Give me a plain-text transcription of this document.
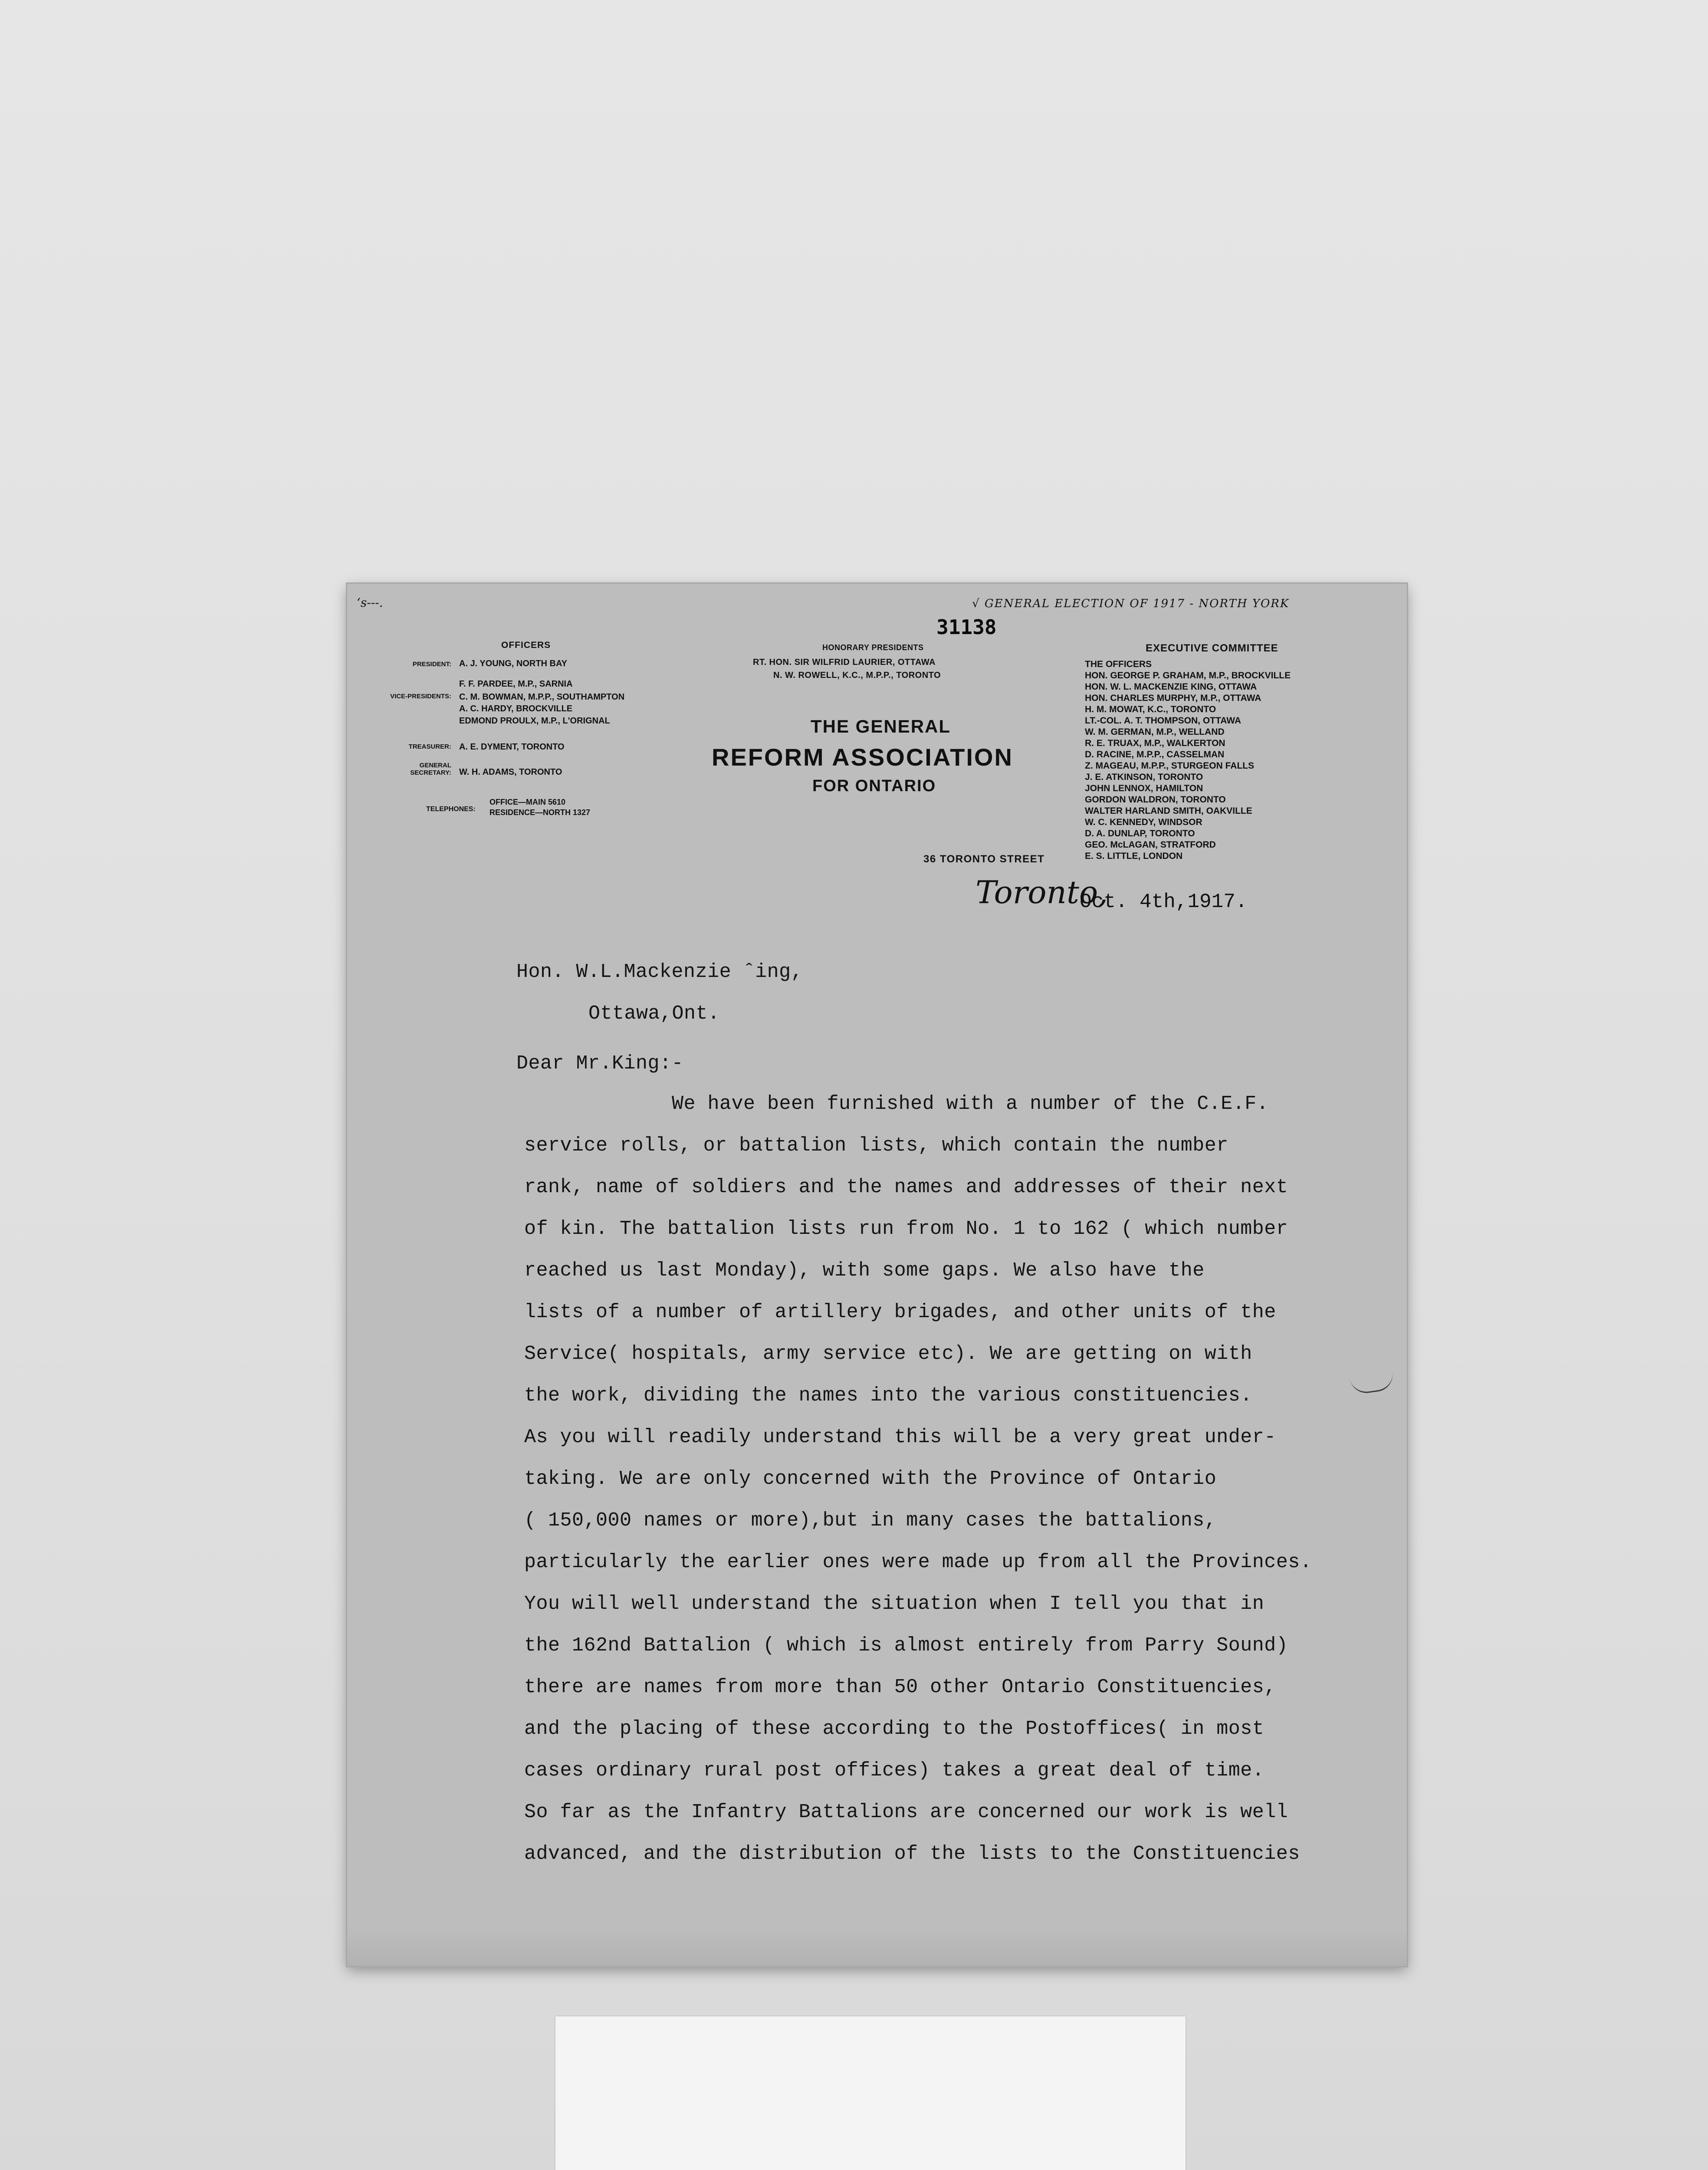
‘s---.	√ GENERAL ELECTION OF 1917 - NORTH YORK
31138
OFFICERS
PRESIDENT: A. J. YOUNG, NORTH BAY
F. F. PARDEE, M.P., SARNIA
VICE-PRESIDENTS: C. M. BOWMAN, M.P.P., SOUTHAMPTON
A. C. HARDY, BROCKVILLE
EDMOND PROULX, M.P., L'ORIGNAL
TREASURER: A. E. DYMENT, TORONTO
GENERAL SECRETARY: W. H. ADAMS, TORONTO
TELEPHONES:
OFFICE—MAIN 5610
RESIDENCE—NORTH 1327
HONORARY PRESIDENTS
RT. HON. SIR WILFRID LAURIER, OTTAWA
N. W. ROWELL, K.C., M.P.P., TORONTO
THE GENERAL
REFORM ASSOCIATION
FOR ONTARIO
EXECUTIVE COMMITTEE
THE OFFICERS
HON. GEORGE P. GRAHAM, M.P., BROCKVILLE
HON. W. L. MACKENZIE KING, OTTAWA
HON. CHARLES MURPHY, M.P., OTTAWA
H. M. MOWAT, K.C., TORONTO
LT.-COL. A. T. THOMPSON, OTTAWA
W. M. GERMAN, M.P., WELLAND
R. E. TRUAX, M.P., WALKERTON
D. RACINE, M.P.P., CASSELMAN
Z. MAGEAU, M.P.P., STURGEON FALLS
J. E. ATKINSON, TORONTO
JOHN LENNOX, HAMILTON
GORDON WALDRON, TORONTO
WALTER HARLAND SMITH, OAKVILLE
W. C. KENNEDY, WINDSOR
D. A. DUNLAP, TORONTO
GEO. McLAGAN, STRATFORD
E. S. LITTLE, LONDON
36 TORONTO STREET
Toronto,
Oct. 4th,1917.
Hon. W.L.Mackenzie ˆing,
Ottawa,Ont.
Dear Mr.King:-
We have been furnished with a number of the C.E.F.
service rolls, or battalion lists, which contain the number
rank, name of soldiers and the names and addresses of their next
of kin. The battalion lists run from No. 1 to 162 ( which number
reached us last Monday), with some gaps. We also have the
lists of a number of artillery brigades, and other units of the
Service( hospitals, army service etc). We are getting on with
the work, dividing the names into the various constituencies.
As you will readily understand this will be a very great under-
taking. We are only concerned with the Province of Ontario
( 150,000 names or more),but in many cases the battalions,
particularly the earlier ones were made up from all the Provinces.
You will well understand the situation when I tell you that in
the 162nd Battalion ( which is almost entirely from Parry Sound)
there are names from more than 50 other Ontario Constituencies,
and the placing of these according to the Postoffices( in most
cases ordinary rural post offices) takes a great deal of time.
So far as the Infantry Battalions are concerned our work is well
advanced, and the distribution of the lists to the Constituencies
